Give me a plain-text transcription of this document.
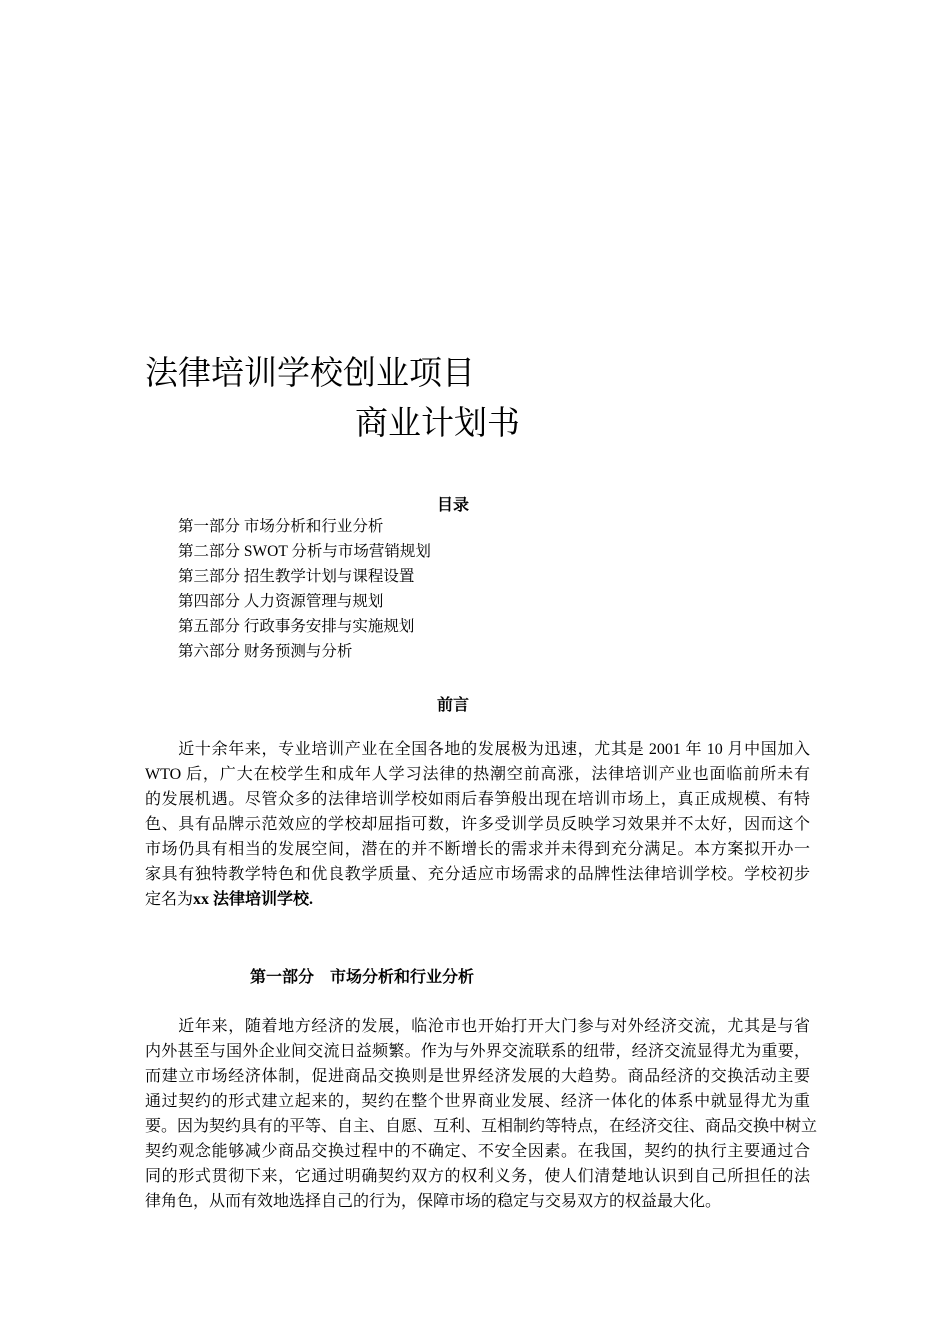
法律培训学校创业项目
商业计划书
目录
第一部分 市场分析和行业分析
第二部分 SWOT 分析与市场营销规划
第三部分 招生教学计划与课程设置
第四部分 人力资源管理与规划
第五部分 行政事务安排与实施规划
第六部分 财务预测与分析
前言
　　近十余年来，专业培训产业在全国各地的发展极为迅速，尤其是 2001 年 10 月中国加入
WTO 后，广大在校学生和成年人学习法律的热潮空前高涨，法律培训产业也面临前所未有
的发展机遇。尽管众多的法律培训学校如雨后春笋般出现在培训市场上，真正成规模、有特
色、具有品牌示范效应的学校却屈指可数，许多受训学员反映学习效果并不太好，因而这个
市场仍具有相当的发展空间，潜在的并不断增长的需求并未得到充分满足。本方案拟开办一
家具有独特教学特色和优良教学质量、充分适应市场需求的品牌性法律培训学校。学校初步
定名为xx 法律培训学校.
第一部分　市场分析和行业分析
　　近年来，随着地方经济的发展，临沧市也开始打开大门参与对外经济交流，尤其是与省
内外甚至与国外企业间交流日益频繁。作为与外界交流联系的纽带，经济交流显得尤为重要，
而建立市场经济体制，促进商品交换则是世界经济发展的大趋势。商品经济的交换活动主要
通过契约的形式建立起来的，契约在整个世界商业发展、经济一体化的体系中就显得尤为重
要。因为契约具有的平等、自主、自愿、互利、互相制约等特点，在经济交往、商品交换中树立
契约观念能够减少商品交换过程中的不确定、不安全因素。在我国，契约的执行主要通过合
同的形式贯彻下来，它通过明确契约双方的权利义务，使人们清楚地认识到自己所担任的法
律角色，从而有效地选择自己的行为，保障市场的稳定与交易双方的权益最大化。
